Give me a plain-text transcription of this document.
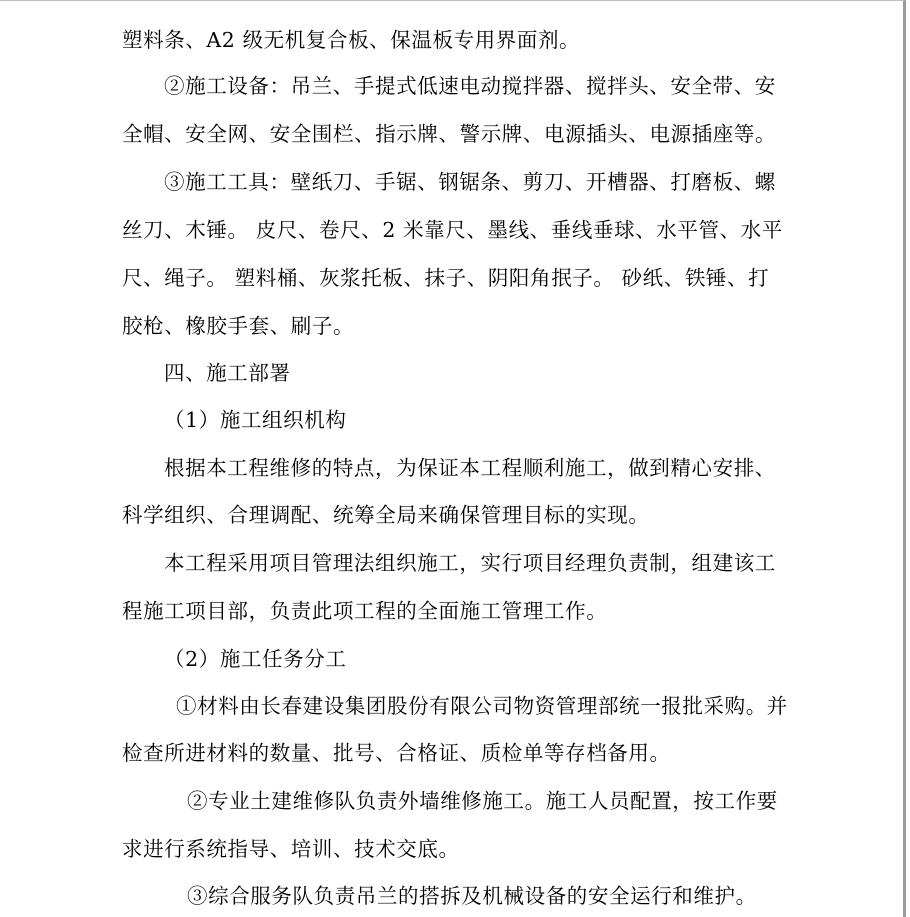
塑料条、A2 级无机复合板、保温板专用界面剂。
②施工设备：吊兰、手提式低速电动搅拌器、搅拌头、安全带、安
全帽、安全网、安全围栏、指示牌、警示牌、电源插头、电源插座等。
③施工工具：壁纸刀、手锯、钢锯条、剪刀、开槽器、打磨板、螺
丝刀、木锤。 皮尺、卷尺、2 米靠尺、墨线、垂线垂球、水平管、水平
尺、绳子。 塑料桶、灰浆托板、抹子、阴阳角抿子。 砂纸、铁锤、打
胶枪、橡胶手套、刷子。
四、施工部署
（1）施工组织机构
根据本工程维修的特点，为保证本工程顺利施工，做到精心安排、
科学组织、合理调配、统筹全局来确保管理目标的实现。
本工程采用项目管理法组织施工，实行项目经理负责制，组建该工
程施工项目部，负责此项工程的全面施工管理工作。
（2）施工任务分工
①材料由长春建设集团股份有限公司物资管理部统一报批采购。并
检查所进材料的数量、批号、合格证、质检单等存档备用。
②专业土建维修队负责外墙维修施工。施工人员配置，按工作要
求进行系统指导、培训、技术交底。
③综合服务队负责吊兰的搭拆及机械设备的安全运行和维护。
